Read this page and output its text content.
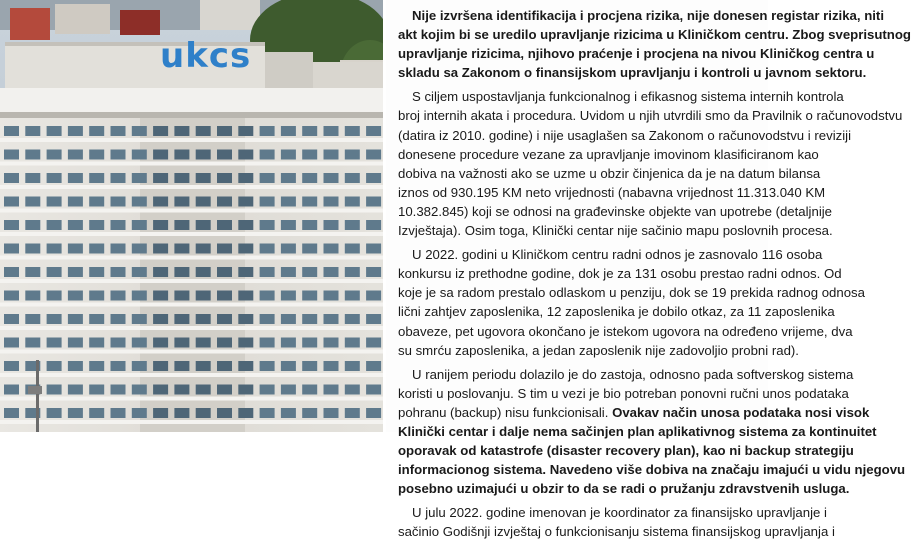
ukcs
Nije izvršena identifikacija i procjena rizika, nije donesen registar rizika, niti
akt kojim bi se uredilo upravljanje rizicima u Kliničkom centru. Zbog sveprisutnog
upravljanje rizicima, njihovo praćenje i procjena na nivou Kliničkog centra u
skladu sa Zakonom o finansijskom upravljanju i kontroli u javnom sektoru.
S ciljem uspostavljanja funkcionalnog i efikasnog sistema internih kontrola
broj internih akata i procedura. Uvidom u njih utvrdili smo da Pravilnik o računovodstvu
(datira iz 2010. godine) i nije usaglašen sa Zakonom o računovodstvu i reviziji
donesene procedure vezane za upravljanje imovinom klasificiranom kao
dobiva na važnosti ako se uzme u obzir činjenica da je na datum bilansa
iznos od 930.195 KM neto vrijednosti (nabavna vrijednost 11.313.040 KM
10.382.845) koji se odnosi na građevinske objekte van upotrebe (detaljnije
Izvještaja). Osim toga, Klinički centar nije sačinio mapu poslovnih procesa.
U 2022. godini u Kliničkom centru radni odnos je zasnovalo 116 osoba
konkursu iz prethodne godine, dok je za 131 osobu prestao radni odnos. Od
koje je sa radom prestalo odlaskom u penziju, dok se 19 prekida radnog odnosa
lični zahtjev zaposlenika, 12 zaposlenika je dobilo otkaz, za 11 zaposlenika
obaveze, pet ugovora okončano je istekom ugovora na određeno vrijeme, dva
su smrću zaposlenika, a jedan zaposlenik nije zadovoljio probni rad).
U ranijem periodu dolazilo je do zastoja, odnosno pada softverskog sistema
koristi u poslovanju. S tim u vezi je bio potreban ponovni ručni unos podataka
pohranu (backup) nisu funkcionisali. Ovakav način unosa podataka nosi visok
Klinički centar i dalje nema sačinjen plan aplikativnog sistema za kontinuitet
oporavak od katastrofe (disaster recovery plan), kao ni backup strategiju
informacionog sistema. Navedeno više dobiva na značaju imajući u vidu njegovu
posebno uzimajući u obzir to da se radi o pružanju zdravstvenih usluga.
U julu 2022. godine imenovan je koordinator za finansijsko upravljanje i
sačinio Godišnji izvještaj o funkcionisanju sistema finansijskog upravljanja i
